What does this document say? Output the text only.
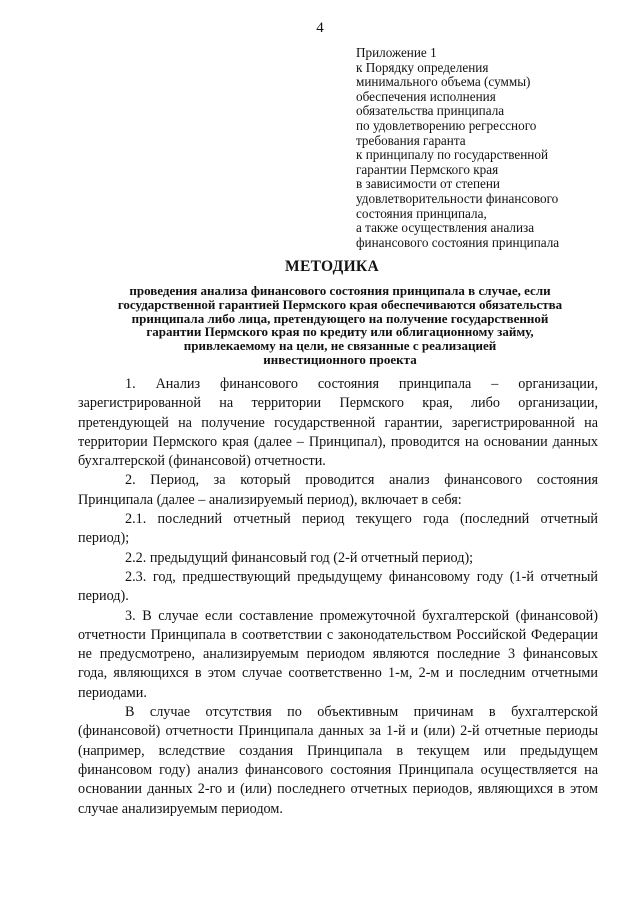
4
Приложение 1
к Порядку определения
минимального объема (суммы)
обеспечения исполнения
обязательства принципала
по удовлетворению регрессного
требования гаранта
к принципалу по государственной
гарантии Пермского края
в зависимости от степени
удовлетворительности финансового
состояния принципала,
а также осуществления анализа
финансового состояния принципала
МЕТОДИКА
проведения анализа финансового состояния принципала в случае, если
государственной гарантией Пермского края обеспечиваются обязательства
принципала либо лица, претендующего на получение государственной
гарантии Пермского края по кредиту или облигационному займу,
привлекаемому на цели, не связанные с реализацией
инвестиционного проекта

1. Анализ финансового состояния принципала – организации, зарегистрированной на территории Пермского края, либо организации, претендующей на получение государственной гарантии, зарегистрированной на территории Пермского края (далее – Принципал), проводится на основании данных бухгалтерской (финансовой) отчетности.

2. Период, за который проводится анализ финансового состояния Принципала (далее – анализируемый период), включает в себя:

2.1. последний отчетный период текущего года (последний отчетный период);

2.2. предыдущий финансовый год (2-й отчетный период);

2.3. год, предшествующий предыдущему финансовому году (1-й отчетный период).

3. В случае если составление промежуточной бухгалтерской (финансовой) отчетности Принципала в соответствии с законодательством Российской Федерации не предусмотрено, анализируемым периодом являются последние 3 финансовых года, являющихся в этом случае соответственно 1-м, 2-м и последним отчетными периодами.

В случае отсутствия по объективным причинам в бухгалтерской (финансовой) отчетности Принципала данных за 1-й и (или) 2-й отчетные периоды (например, вследствие создания Принципала в текущем или предыдущем финансовом году) анализ финансового состояния Принципала осуществляется на основании данных 2-го и (или) последнего отчетных периодов, являющихся в этом случае анализируемым периодом.
